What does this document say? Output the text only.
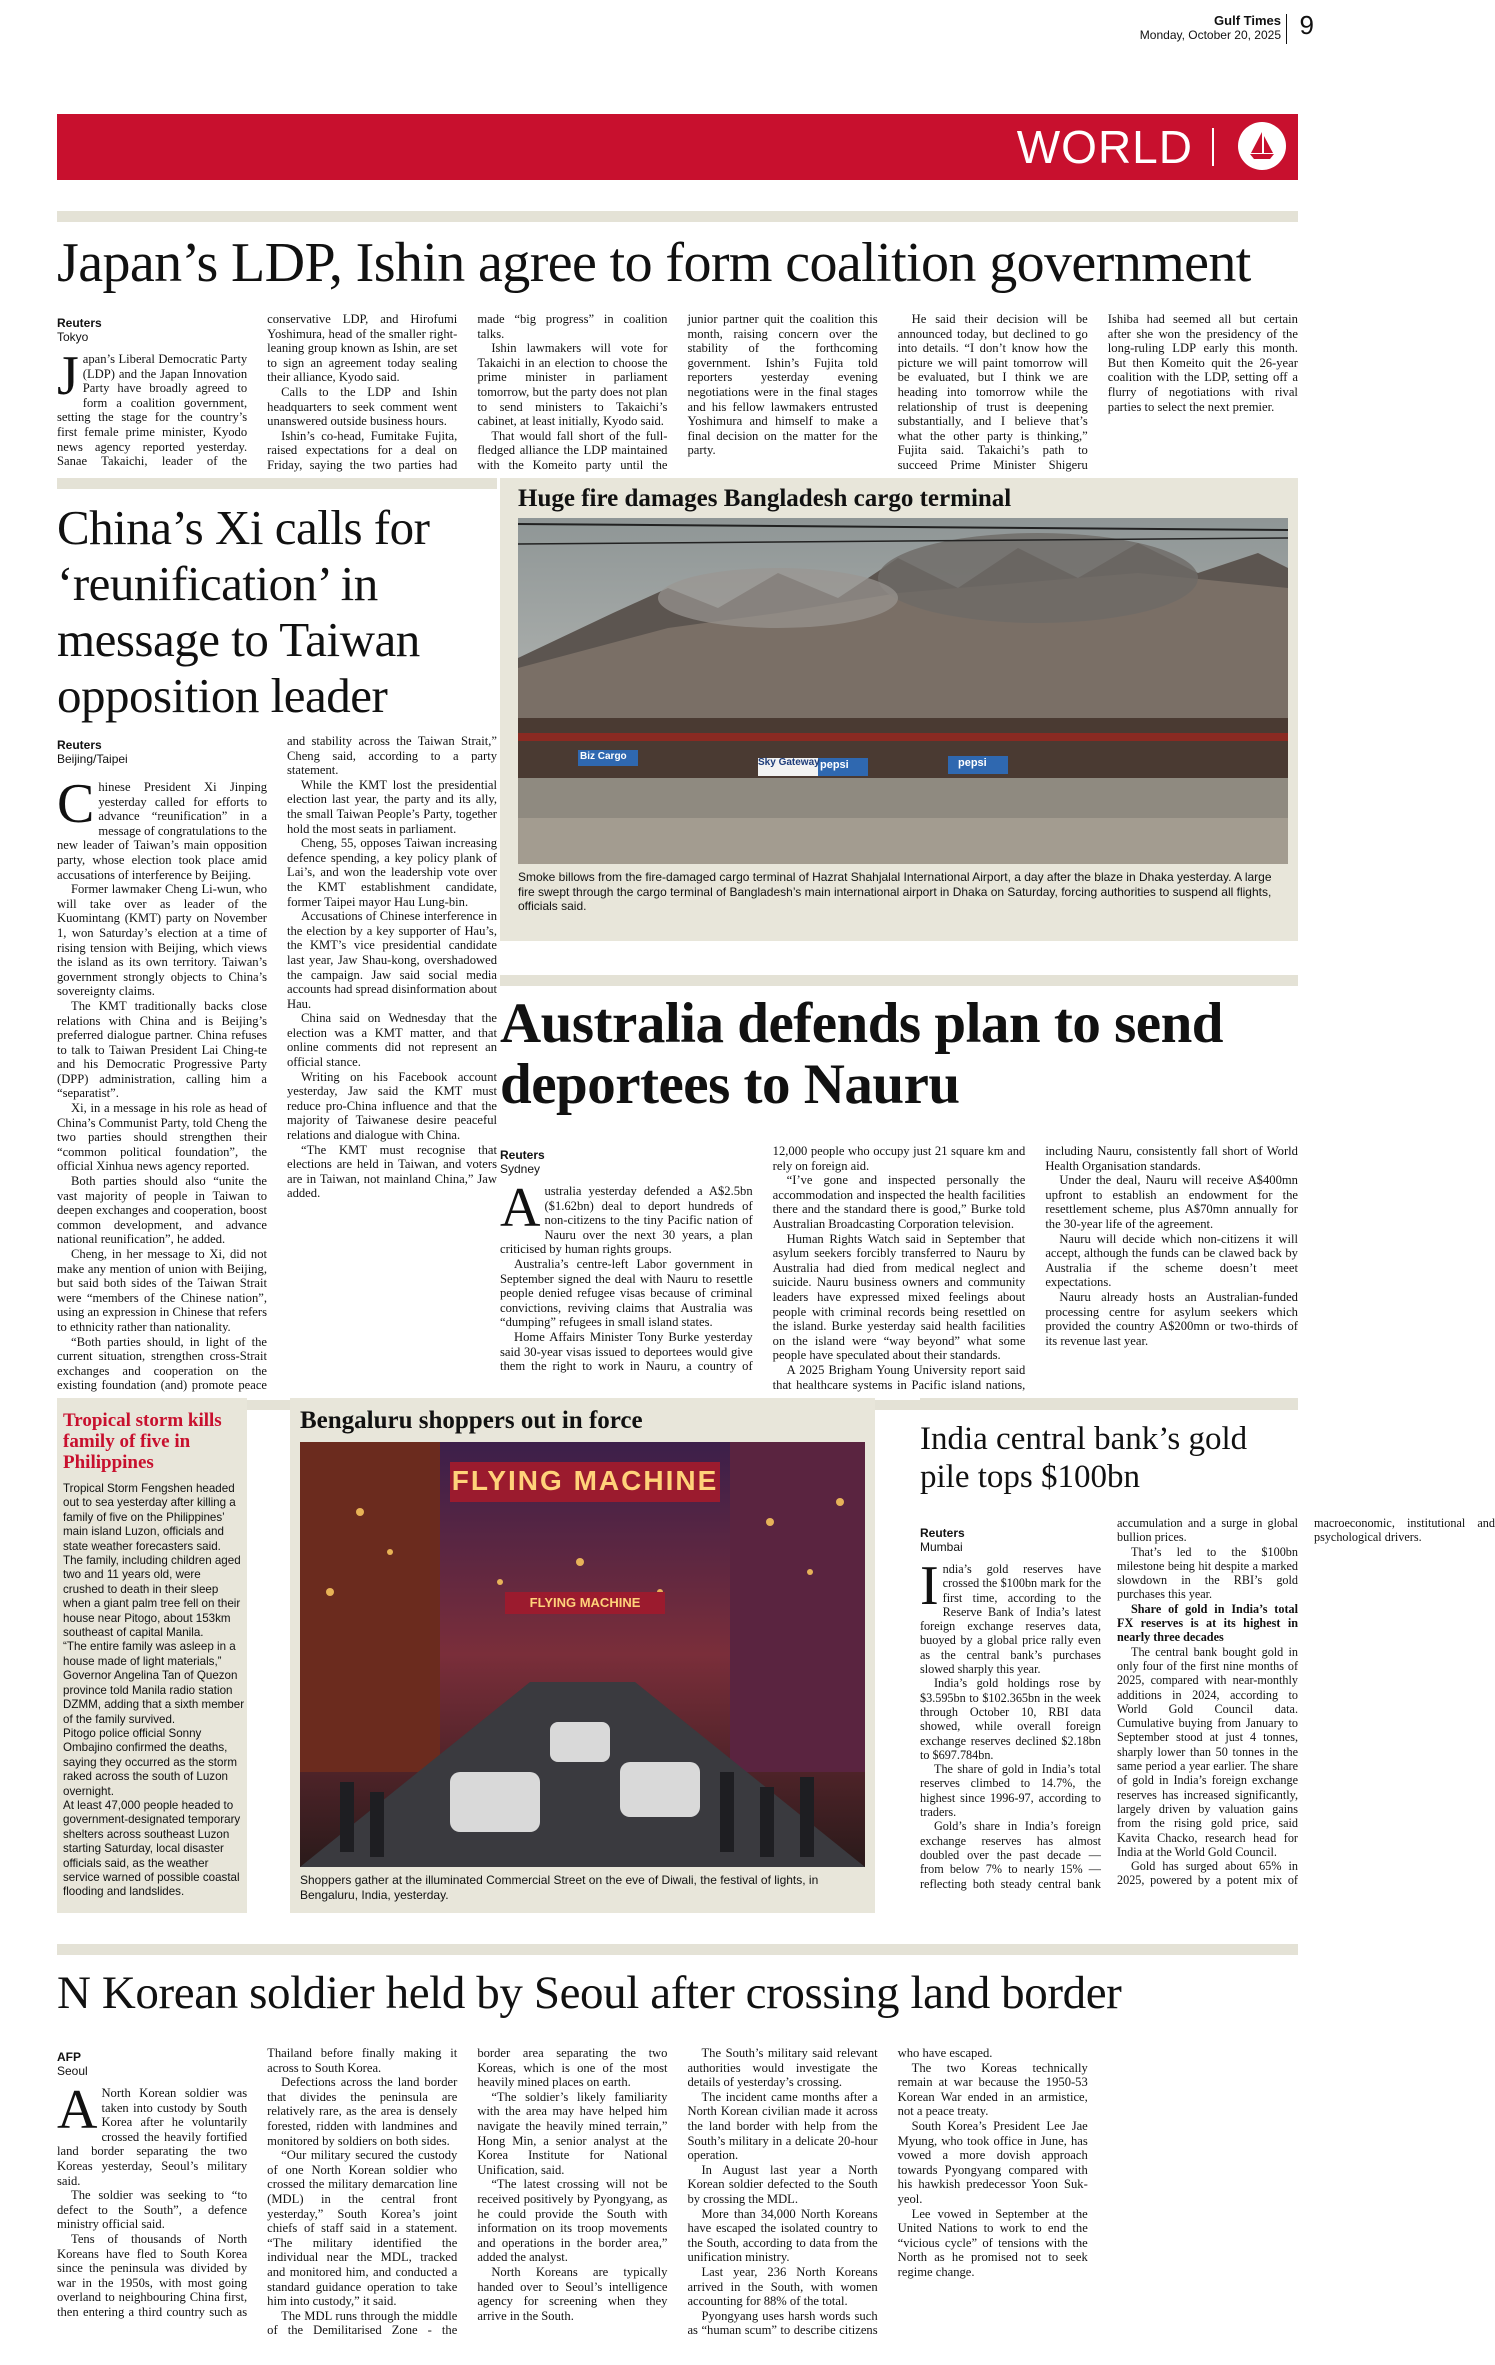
Gulf Times
Monday, October 20, 2025 9
WORLD
Japan’s LDP, Ishin agree to form coalition government
Reuters
Tokyo

Japan’s Liberal Democratic Party (LDP) and the Japan Innovation Party have broadly agreed to form a coalition government, setting the stage for the country’s first female prime minister, Kyodo news agency reported yesterday. Sanae Takaichi, leader of the conservative LDP, and Hirofumi Yoshimura, head of the smaller right-leaning group known as Ishin, are set to sign an agreement today sealing their alliance, Kyodo said.

Calls to the LDP and Ishin headquarters to seek comment went unanswered outside business hours.

Ishin’s co-head, Fumitake Fujita, raised expectations for a deal on Friday, saying the two parties had made “big progress” in coalition talks.

Ishin lawmakers will vote for Takaichi in an election to choose the prime minister in parliament tomorrow, but the party does not plan to send ministers to Takaichi’s cabinet, at least initially, Kyodo said.

That would fall short of the full-fledged alliance the LDP maintained with the Komeito party until the junior partner quit the coalition this month, raising concern over the stability of the forthcoming government. Ishin’s Fujita told reporters yesterday evening negotiations were in the final stages and his fellow lawmakers entrusted Yoshimura and himself to make a final decision on the matter for the party.

He said their decision will be announced today, but declined to go into details. “I don’t know how the picture we will paint tomorrow will be evaluated, but I think we are heading into tomorrow while the relationship of trust is deepening substantially, and I believe that’s what the other party is thinking,” Fujita said. Takaichi’s path to succeed Prime Minister Shigeru Ishiba had seemed all but certain after she won the presidency of the long-ruling LDP early this month. But then Komeito quit the 26-year coalition with the LDP, setting off a flurry of negotiations with rival parties to select the next premier.

China’s Xi calls for ‘reunification’ in message to Taiwan opposition leader
Reuters
Beijing/Taipei

Chinese President Xi Jinping yesterday called for efforts to advance “reunification” in a message of congratulations to the new leader of Taiwan’s main opposition party, whose election took place amid accusations of interference by Beijing.

Former lawmaker Cheng Li-wun, who will take over as leader of the Kuomintang (KMT) party on November 1, won Saturday’s election at a time of rising tension with Beijing, which views the island as its own territory. Taiwan’s government strongly objects to China’s sovereignty claims.

The KMT traditionally backs close relations with China and is Beijing’s preferred dialogue partner. China refuses to talk to Taiwan President Lai Ching-te and his Democratic Progressive Party (DPP) administration, calling him a “separatist”.

Xi, in a message in his role as head of China’s Communist Party, told Cheng the two parties should strengthen their “common political foundation”, the official Xinhua news agency reported.

Both parties should also “unite the vast majority of people in Taiwan to deepen exchanges and cooperation, boost common development, and advance national reunification”, he added.

Cheng, in her message to Xi, did not make any mention of union with Beijing, but said both sides of the Taiwan Strait were “members of the Chinese nation”, using an expression in Chinese that refers to ethnicity rather than nationality.

“Both parties should, in light of the current situation, strengthen cross-Strait exchanges and cooperation on the existing foundation (and) promote peace and stability across the Taiwan Strait,” Cheng said, according to a party statement.

While the KMT lost the presidential election last year, the party and its ally, the small Taiwan People’s Party, together hold the most seats in parliament.

Cheng, 55, opposes Taiwan increasing defence spending, a key policy plank of Lai’s, and won the leadership vote over the KMT establishment candidate, former Taipei mayor Hau Lung-bin.

Accusations of Chinese interference in the election by a key supporter of Hau’s, the KMT’s vice presidential candidate last year, Jaw Shau-kong, overshadowed the campaign. Jaw said social media accounts had spread disinformation about Hau.

China said on Wednesday that the election was a KMT matter, and that online comments did not represent an official stance.

Writing on his Facebook account yesterday, Jaw said the KMT must reduce pro-China influence and that the majority of Taiwanese desire peaceful relations and dialogue with China.

“The KMT must recognise that elections are held in Taiwan, and voters are in Taiwan, not mainland China,” Jaw added.

Huge fire damages Bangladesh cargo terminal
Sky Gateway pepsi	pepsi
Biz Cargo
Smoke billows from the fire-damaged cargo terminal of Hazrat Shahjalal International Airport, a day after the blaze in Dhaka yesterday. A large fire swept through the cargo terminal of Bangladesh’s main international airport in Dhaka on Saturday, forcing authorities to suspend all flights, officials said.
Australia defends plan to send deportees to Nauru
Reuters
Sydney

Australia yesterday defended a A$2.5bn ($1.62bn) deal to deport hundreds of non-citizens to the tiny Pacific nation of Nauru over the next 30 years, a plan criticised by human rights groups.

Australia’s centre-left Labor government in September signed the deal with Nauru to resettle people denied refugee visas because of criminal convictions, reviving claims that Australia was “dumping” refugees in small island states.

Home Affairs Minister Tony Burke yesterday said 30-year visas issued to deportees would give them the right to work in Nauru, a country of 12,000 people who occupy just 21 square km and rely on foreign aid.

“I’ve gone and inspected personally the accommodation and inspected the health facilities there and the standard there is good,” Burke told Australian Broadcasting Corporation television.

Human Rights Watch said in September that asylum seekers forcibly transferred to Nauru by Australia had died from medical neglect and suicide. Nauru business owners and community leaders have expressed mixed feelings about people with criminal records being resettled on the island. Burke yesterday said health facilities on the island were “way beyond” what some people have speculated about their standards.

A 2025 Brigham Young University report said that healthcare systems in Pacific island nations, including Nauru, consistently fall short of World Health Organisation standards.

Under the deal, Nauru will receive A$400mn upfront to establish an endowment for the resettlement scheme, plus A$70mn annually for the 30-year life of the agreement.

Nauru will decide which non-citizens it will accept, although the funds can be clawed back by Australia if the scheme doesn’t meet expectations.

Nauru already hosts an Australian-funded processing centre for asylum seekers which provided the country A$200mn or two-thirds of its revenue last year.

Tropical storm kills family of five in Philippines
Tropical Storm Fengshen headed out to sea yesterday after killing a family of five on the Philippines’ main island Luzon, officials and state weather forecasters said.
The family, including children aged two and 11 years old, were crushed to death in their sleep when a giant palm tree fell on their house near Pitogo, about 153km southeast of capital Manila.
“The entire family was asleep in a house made of light materials,” Governor Angelina Tan of Quezon province told Manila radio station DZMM, adding that a sixth member of the family survived.
Pitogo police official Sonny Ombajino confirmed the deaths, saying they occurred as the storm raked across the south of Luzon overnight.
At least 47,000 people headed to government-designated temporary shelters across southeast Luzon starting Saturday, local disaster officials said, as the weather service warned of possible coastal flooding and landslides.
Bengaluru shoppers out in force
FLYING MACHINE
FLYING MACHINE
Shoppers gather at the illuminated Commercial Street on the eve of Diwali, the festival of lights, in Bengaluru, India, yesterday.
India central bank’s gold pile tops $100bn
Reuters
Mumbai

India’s gold reserves have crossed the $100bn mark for the first time, according to the Reserve Bank of India’s latest foreign exchange reserves data, buoyed by a global price rally even as the central bank’s purchases slowed sharply this year.

India’s gold holdings rose by $3.595bn to $102.365bn in the week through October 10, RBI data showed, while overall foreign exchange reserves declined $2.18bn to $697.784bn.

The share of gold in India’s total reserves climbed to 14.7%, the highest since 1996-97, according to traders.

Gold’s share in India’s foreign exchange reserves has almost doubled over the past decade — from below 7% to nearly 15% — reflecting both steady central bank accumulation and a surge in global bullion prices.

That’s led to the $100bn milestone being hit despite a marked slowdown in the RBI’s gold purchases this year.

Share of gold in India’s total FX reserves is at its highest in nearly three decades

The central bank bought gold in only four of the first nine months of 2025, compared with near-monthly additions in 2024, according to World Gold Council data. Cumulative buying from January to September stood at just 4 tonnes, sharply lower than 50 tonnes in the same period a year earlier. The share of gold in India’s foreign exchange reserves has increased significantly, largely driven by valuation gains from the rising gold price, said Kavita Chacko, research head for India at the World Gold Council.

Gold has surged about 65% in 2025, powered by a potent mix of macroeconomic, institutional and psychological drivers.

N Korean soldier held by Seoul after crossing land border
AFP
Seoul

A North Korean soldier was taken into custody by South Korea after he voluntarily crossed the heavily fortified land border separating the two Koreas yesterday, Seoul’s military said.

The soldier was seeking to “to defect to the South”, a defence ministry official said.

Tens of thousands of North Koreans have fled to South Korea since the peninsula was divided by war in the 1950s, with most going overland to neighbouring China first, then entering a third country such as Thailand before finally making it across to South Korea.

Defections across the land border that divides the peninsula are relatively rare, as the area is densely forested, ridden with landmines and monitored by soldiers on both sides.

“Our military secured the custody of one North Korean soldier who crossed the military demarcation line (MDL) in the central front yesterday,” South Korea’s joint chiefs of staff said in a statement. “The military identified the individual near the MDL, tracked and monitored him, and conducted a standard guidance operation to take him into custody,” it said.

The MDL runs through the middle of the Demilitarised Zone - the border area separating the two Koreas, which is one of the most heavily mined places on earth.

“The soldier’s likely familiarity with the area may have helped him navigate the heavily mined terrain,” Hong Min, a senior analyst at the Korea Institute for National Unification, said.

“The latest crossing will not be received positively by Pyongyang, as he could provide the South with information on its troop movements and operations in the border area,” added the analyst.

North Koreans are typically handed over to Seoul’s intelligence agency for screening when they arrive in the South.

The South’s military said relevant authorities would investigate the details of yesterday’s crossing.

The incident came months after a North Korean civilian made it across the land border with help from the South’s military in a delicate 20-hour operation.

In August last year a North Korean soldier defected to the South by crossing the MDL.

More than 34,000 North Koreans have escaped the isolated country to the South, according to data from the unification ministry.

Last year, 236 North Koreans arrived in the South, with women accounting for 88% of the total.

Pyongyang uses harsh words such as “human scum” to describe citizens who have escaped.

The two Koreas technically remain at war because the 1950-53 Korean War ended in an armistice, not a peace treaty.

South Korea’s President Lee Jae Myung, who took office in June, has vowed a more dovish approach towards Pyongyang compared with his hawkish predecessor Yoon Suk-yeol.

Lee vowed in September at the United Nations to work to end the “vicious cycle” of tensions with the North as he promised not to seek regime change.
